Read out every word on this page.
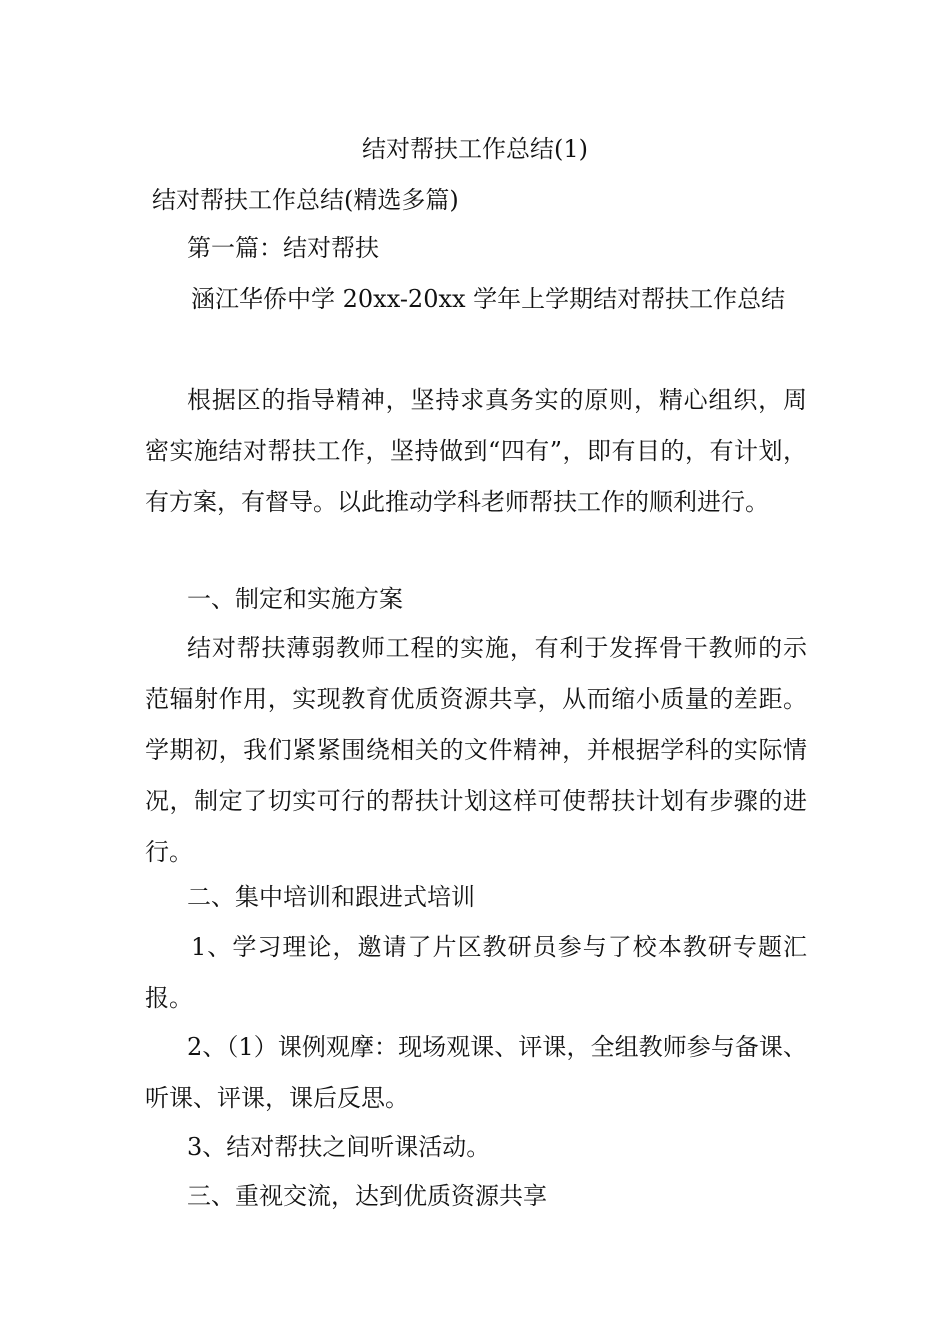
结对帮扶工作总结(1)

结对帮扶工作总结(精选多篇)

第一篇：结对帮扶

涵江华侨中学 20xx-20xx 学年上学期结对帮扶工作总结

根据区的指导精神，坚持求真务实的原则，精心组织，周密实施结对帮扶工作，坚持做到“四有”，即有目的，有计划，有方案，有督导。以此推动学科老师帮扶工作的顺利进行。

一、制定和实施方案

结对帮扶薄弱教师工程的实施，有利于发挥骨干教师的示范辐射作用，实现教育优质资源共享，从而缩小质量的差距。学期初，我们紧紧围绕相关的文件精神，并根据学科的实际情况，制定了切实可行的帮扶计划这样可使帮扶计划有步骤的进行。

二、集中培训和跟进式培训

1、学习理论，邀请了片区教研员参与了校本教研专题汇报。

2、（1）课例观摩：现场观课、评课，全组教师参与备课、听课、评课，课后反思。

3、结对帮扶之间听课活动。

三、重视交流，达到优质资源共享
